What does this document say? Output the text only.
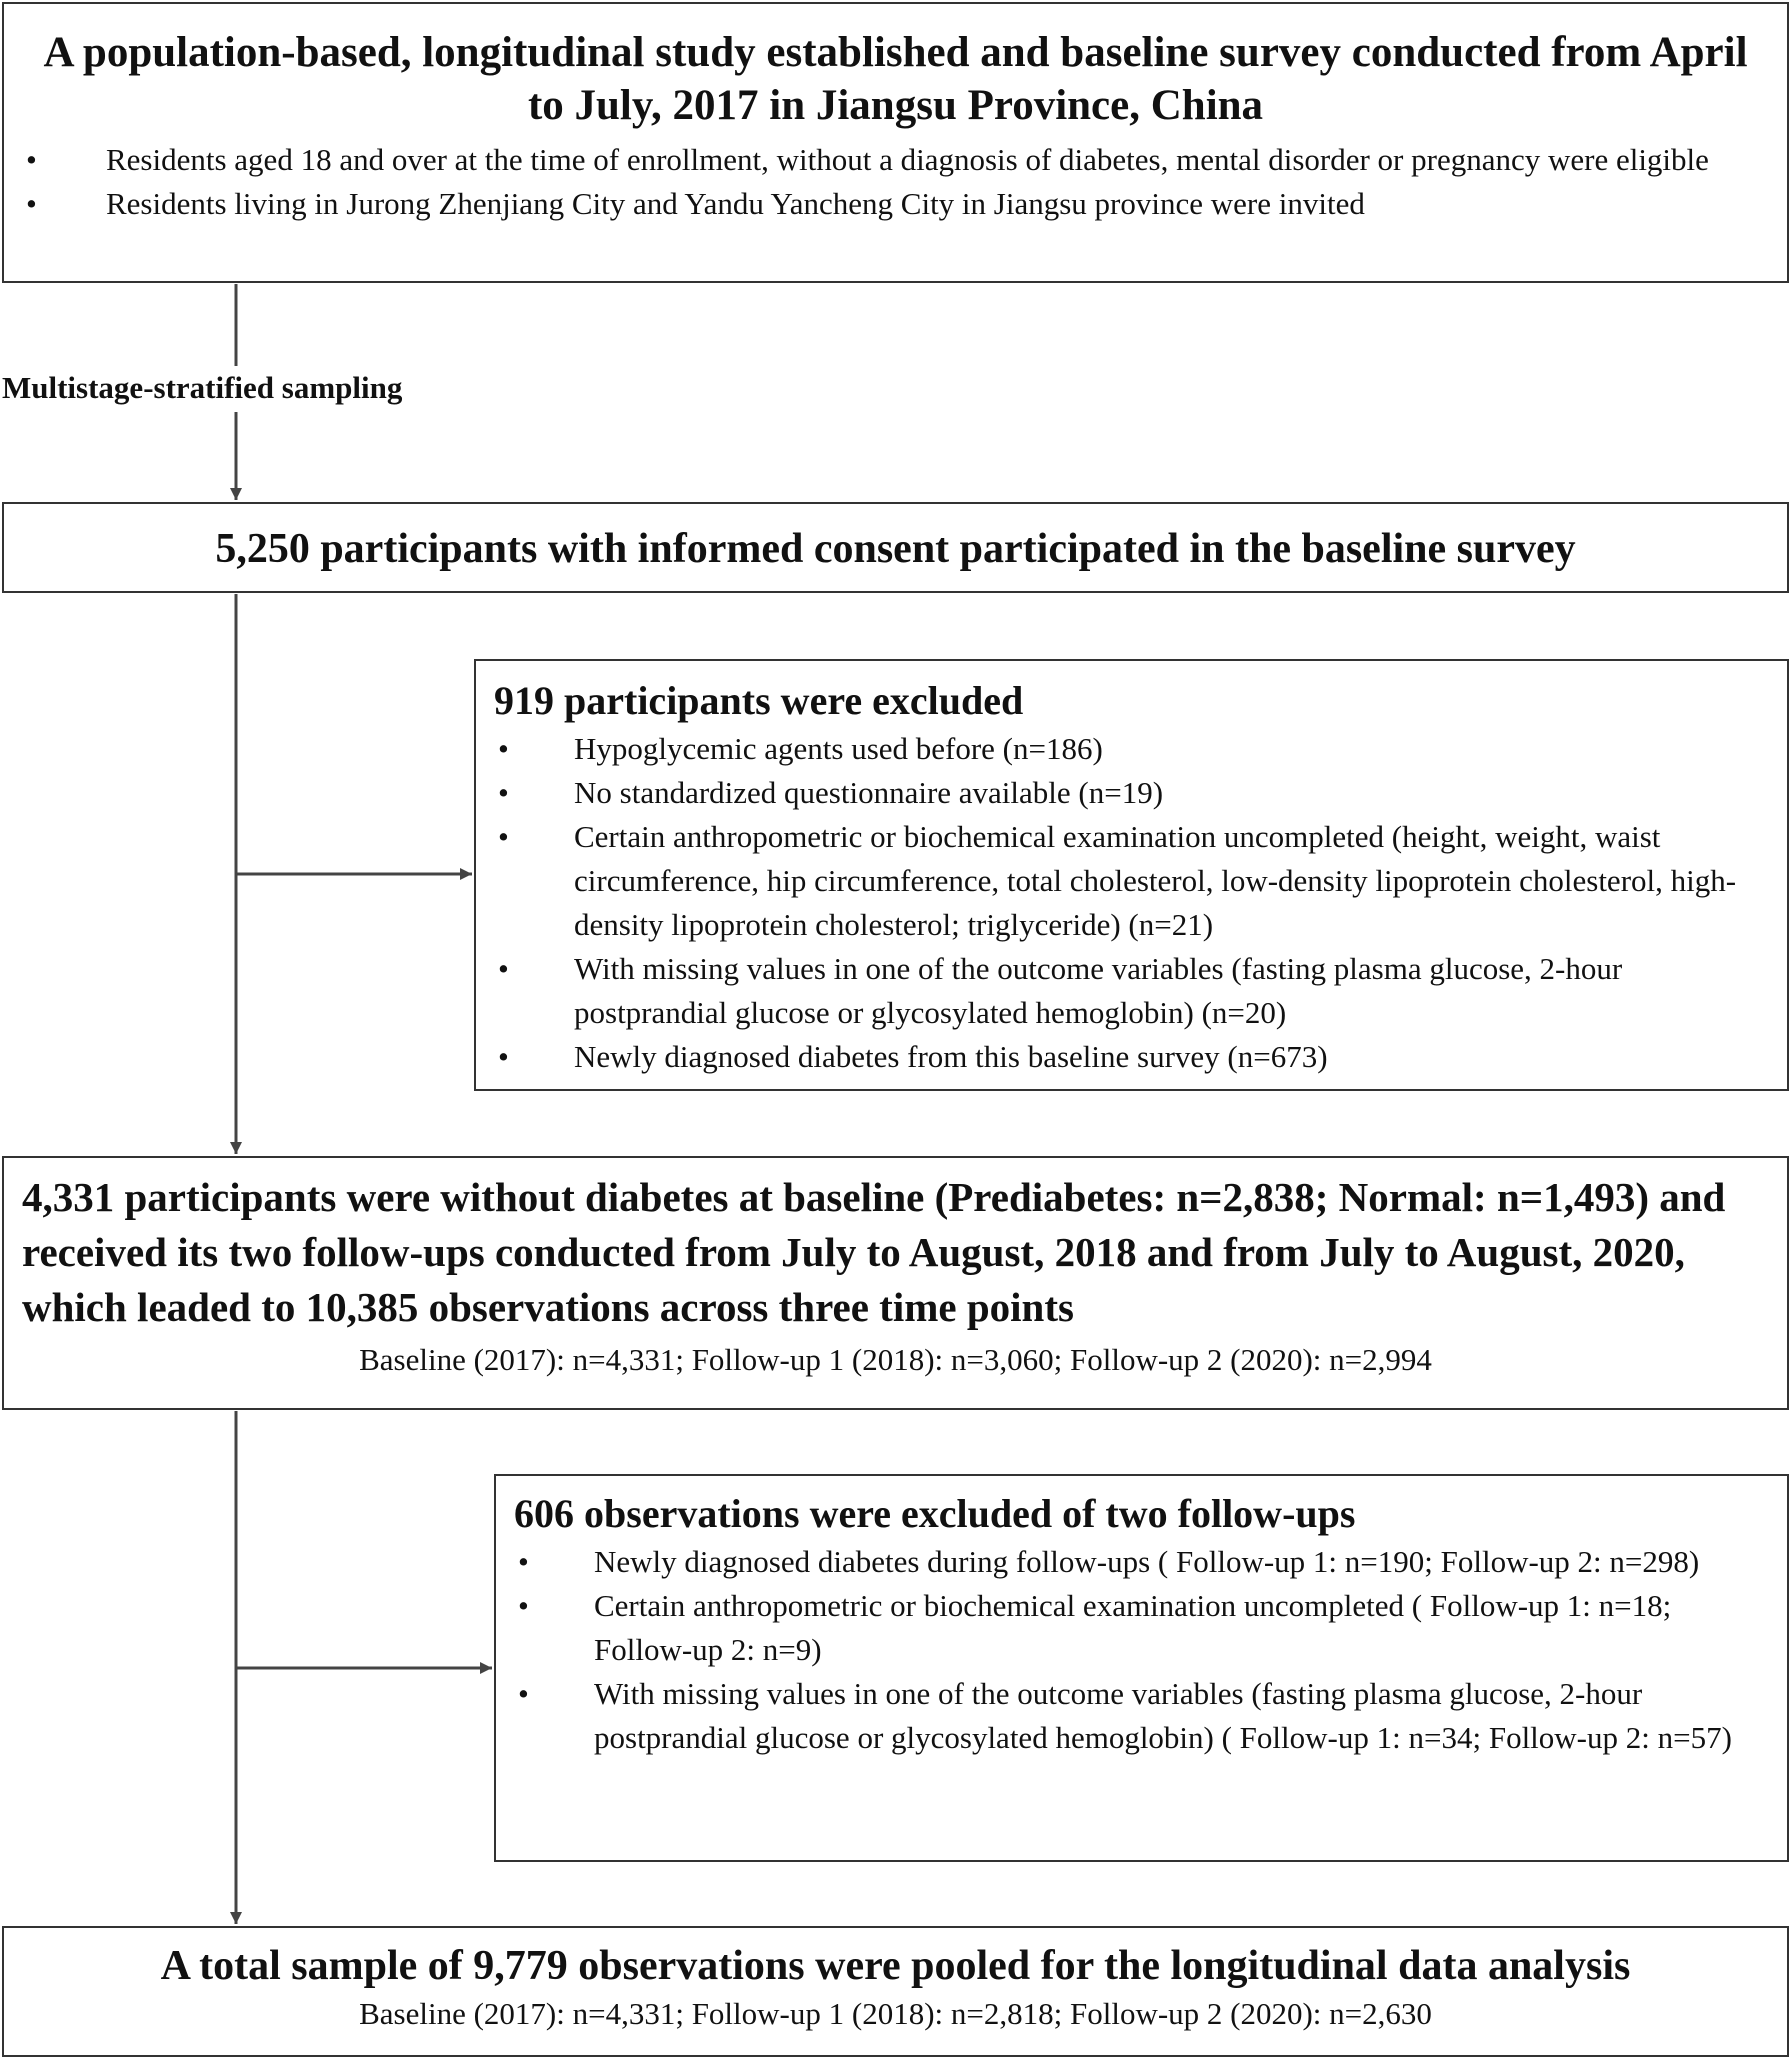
A population-based, longitudinal study established and baseline survey conducted from April to July, 2017 in Jiangsu Province, China

• Residents aged 18 and over at the time of enrollment, without a diagnosis of diabetes, mental disorder or pregnancy were eligible
• Residents living in Jurong Zhenjiang City and Yandu Yancheng City in Jiangsu province were invited
Multistage-stratified sampling

5,250 participants with informed consent participated in the baseline survey

919 participants were excluded

• Hypoglycemic agents used before (n=186)
• No standardized questionnaire available (n=19)
• Certain anthropometric or biochemical examination uncompleted (height, weight, waist circumference, hip circumference, total cholesterol, low-density lipoprotein cholesterol, high-density lipoprotein cholesterol; triglyceride) (n=21)
• With missing values in one of the outcome variables (fasting plasma glucose, 2-hour postprandial glucose or glycosylated hemoglobin) (n=20)
• Newly diagnosed diabetes from this baseline survey (n=673)

4,331 participants were without diabetes at baseline (Prediabetes: n=2,838; Normal: n=1,493) and received its two follow-ups conducted from July to August, 2018 and from July to August, 2020, which leaded to 10,385 observations across three time points

Baseline (2017): n=4,331; Follow-up 1 (2018): n=3,060; Follow-up 2 (2020): n=2,994

606 observations were excluded of two follow-ups

• Newly diagnosed diabetes during follow-ups ( Follow-up 1: n=190; Follow-up 2: n=298)
• Certain anthropometric or biochemical examination uncompleted ( Follow-up 1: n=18; Follow-up 2: n=9)
• With missing values in one of the outcome variables (fasting plasma glucose, 2-hour postprandial glucose or glycosylated hemoglobin) ( Follow-up 1: n=34; Follow-up 2: n=57)

A total sample of 9,779 observations were pooled for the longitudinal data analysis

Baseline (2017): n=4,331; Follow-up 1 (2018): n=2,818; Follow-up 2 (2020): n=2,630
